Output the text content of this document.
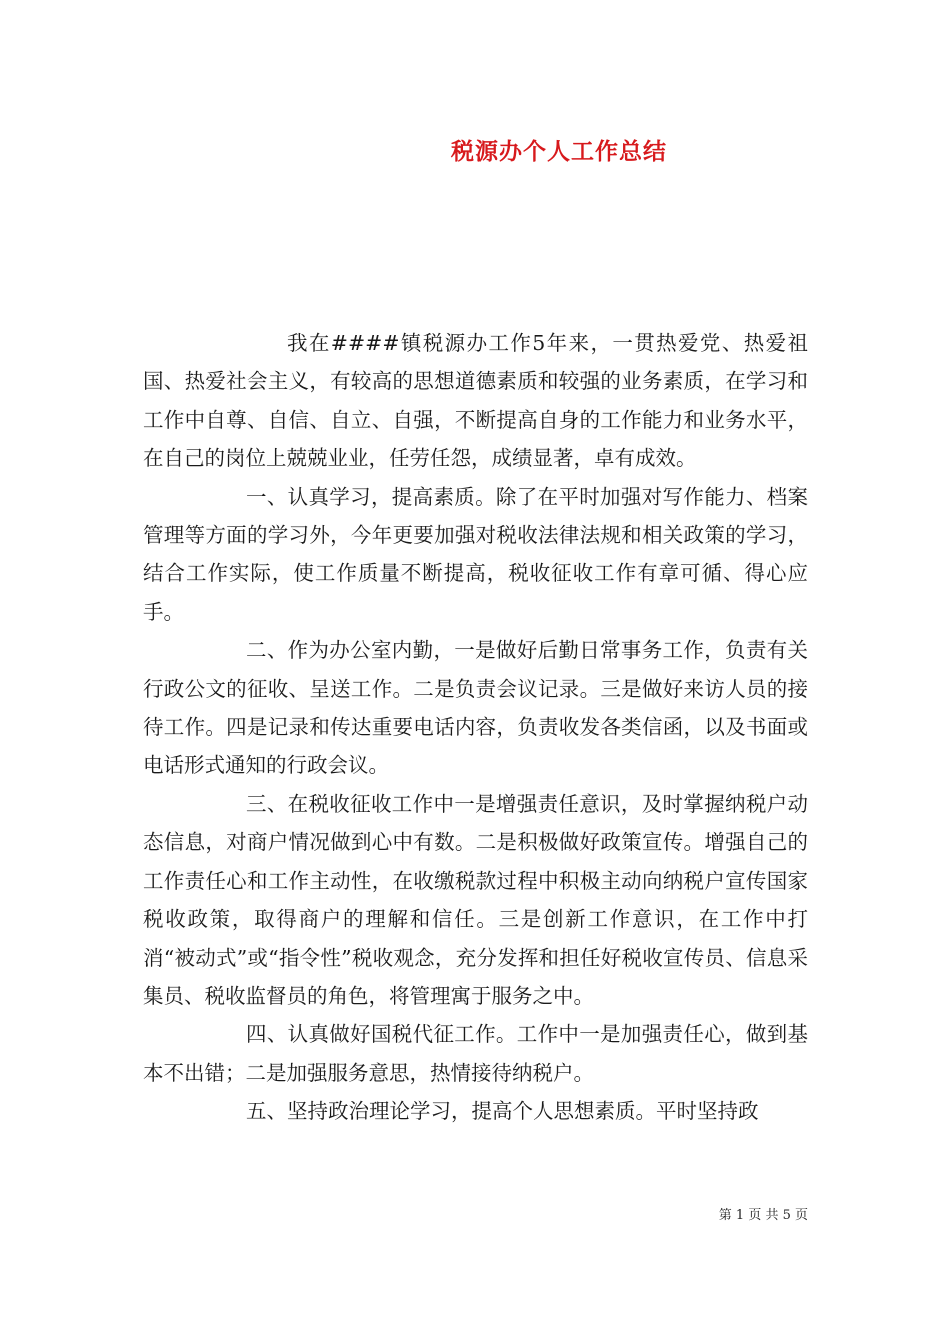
税源办个人工作总结

我在####镇税源办工作5年来，一贯热爱党、热爱祖国、热爱社会主义，有较高的思想道德素质和较强的业务素质，在学习和工作中自尊、自信、自立、自强，不断提高自身的工作能力和业务水平，在自己的岗位上兢兢业业，任劳任怨，成绩显著，卓有成效。

一、认真学习，提高素质。除了在平时加强对写作能力、档案管理等方面的学习外，今年更要加强对税收法律法规和相关政策的学习，结合工作实际，使工作质量不断提高，税收征收工作有章可循、得心应手。

二、作为办公室内勤，一是做好后勤日常事务工作，负责有关行政公文的征收、呈送工作。二是负责会议记录。三是做好来访人员的接待工作。四是记录和传达重要电话内容，负责收发各类信函，以及书面或电话形式通知的行政会议。

三、在税收征收工作中一是增强责任意识，及时掌握纳税户动态信息，对商户情况做到心中有数。二是积极做好政策宣传。增强自己的工作责任心和工作主动性，在收缴税款过程中积极主动向纳税户宣传国家税收政策，取得商户的理解和信任。三是创新工作意识，在工作中打消“被动式”或“指令性”税收观念，充分发挥和担任好税收宣传员、信息采集员、税收监督员的角色，将管理寓于服务之中。

四、认真做好国税代征工作。工作中一是加强责任心，做到基本不出错；二是加强服务意思，热情接待纳税户。

五、坚持政治理论学习，提高个人思想素质。平时坚持政

第 1 页 共 5 页
